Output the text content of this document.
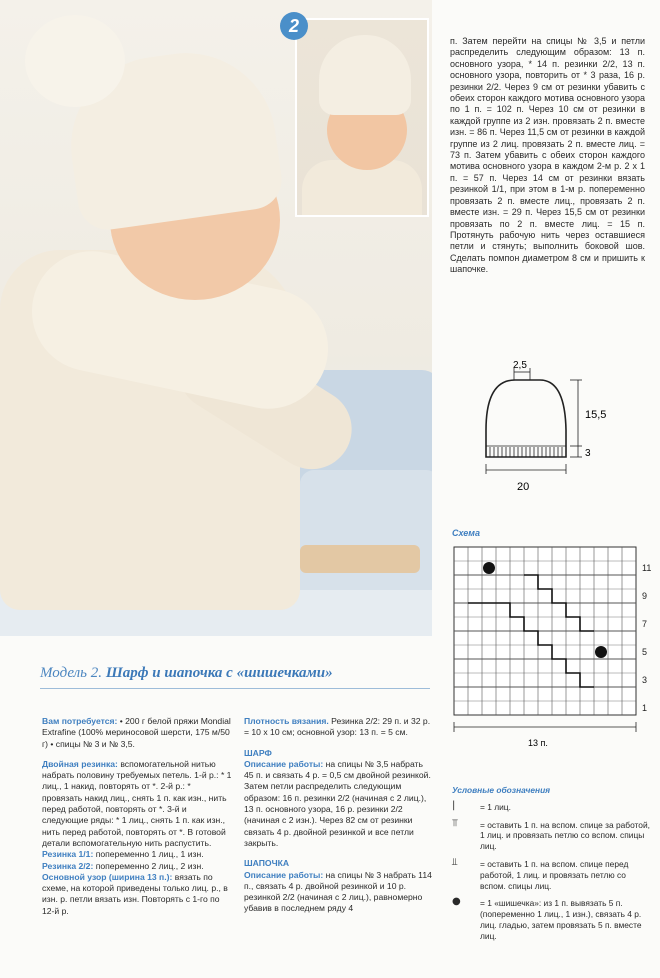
2
Модель 2. Шарф и шапочка с «шишечками»

Вам потребуется: • 200 г белой пряжи Mondial Extrafine (100% мериносовой шерсти, 175 м/50 г) • спицы № 3 и № 3,5.

Двойная резинка: вспомогательной нитью набрать половину требуемых петель. 1-й р.: * 1 лиц., 1 накид, повторять от *. 2-й р.: * провязать накид лиц., снять 1 п. как изн., нить перед работой, повторять от *. 3-й и следующие ряды: * 1 лиц., снять 1 п. как изн., нить перед работой, повторять от *. В готовой детали вспомогательную нить распустить.

Резинка 1/1: попеременно 1 лиц., 1 изн.

Резинка 2/2: попеременно 2 лиц., 2 изн.

Основной узор (ширина 13 п.): вязать по схеме, на которой приведены только лиц. р., в изн. р. петли вязать изн. Повторять с 1-го по 12-й р.

Плотность вязания. Резинка 2/2: 29 п. и 32 р. = 10 х 10 см; основной узор: 13 п. = 5 см.

ШАРФ

Описание работы: на спицы № 3,5 набрать 45 п. и связать 4 р. = 0,5 см двойной резинкой. Затем петли распределить следующим образом: 16 п. резинки 2/2 (начиная с 2 лиц.), 13 п. основного узора, 16 р. резинки 2/2 (начиная с 2 изн.). Через 82 см от резинки связать 4 р. двойной резинкой и все петли закрыть.

ШАПОЧКА

Описание работы: на спицы № 3 набрать 114 п., связать 4 р. двойной резинкой и 10 р. резинкой 2/2 (начиная с 2 лиц.), равномерно убавив в последнем ряду 4

п. Затем перейти на спицы № 3,5 и петли распределить следующим образом: 13 п. основного узора, * 14 п. резинки 2/2, 13 п. основного узора, повторить от * 3 раза, 16 р. резинки 2/2. Через 9 см от резинки убавить с обеих сторон каждого мотива основного узора по 1 п. = 102 п. Через 10 см от резинки в каждой группе из 2 изн. провязать 2 п. вместе изн. = 86 п. Через 11,5 см от резинки в каждой группе из 2 лиц. провязать 2 п. вместе лиц. = 73 п. Затем убавить с обеих сторон каждого мотива основного узора в каждом 2-м р. 2 х 1 п. = 57 п. Через 14 см от резинки вязать резинкой 1/1, при этом в 1-м р. попеременно провязать 2 п. вместе лиц., провязать 2 п. вместе изн. = 29 п. Через 15,5 см от резинки провязать по 2 п. вместе лиц. = 15 п. Протянуть рабочую нить через оставшиеся петли и стянуть; выполнить боковой шов. Сделать помпон диаметром 8 см и пришить к шапочке.
2,5
15,5
3
20
Схема
11
9
7
5
3
1
13 п.
Условные обозначения
|	= 1 лиц.
⫪	= оставить 1 п. на вспом. спице за работой, 1 лиц. и провязать петлю со вспом. спицы лиц.
⫫	= оставить 1 п. на вспом. спице перед работой, 1 лиц. и провязать петлю со вспом. спицы лиц.
● = 1 «шишечка»: из 1 п. вывязать 5 п. (попеременно 1 лиц., 1 изн.), связать 4 р. лиц. гладью, затем провязать 5 п. вместе лиц.
